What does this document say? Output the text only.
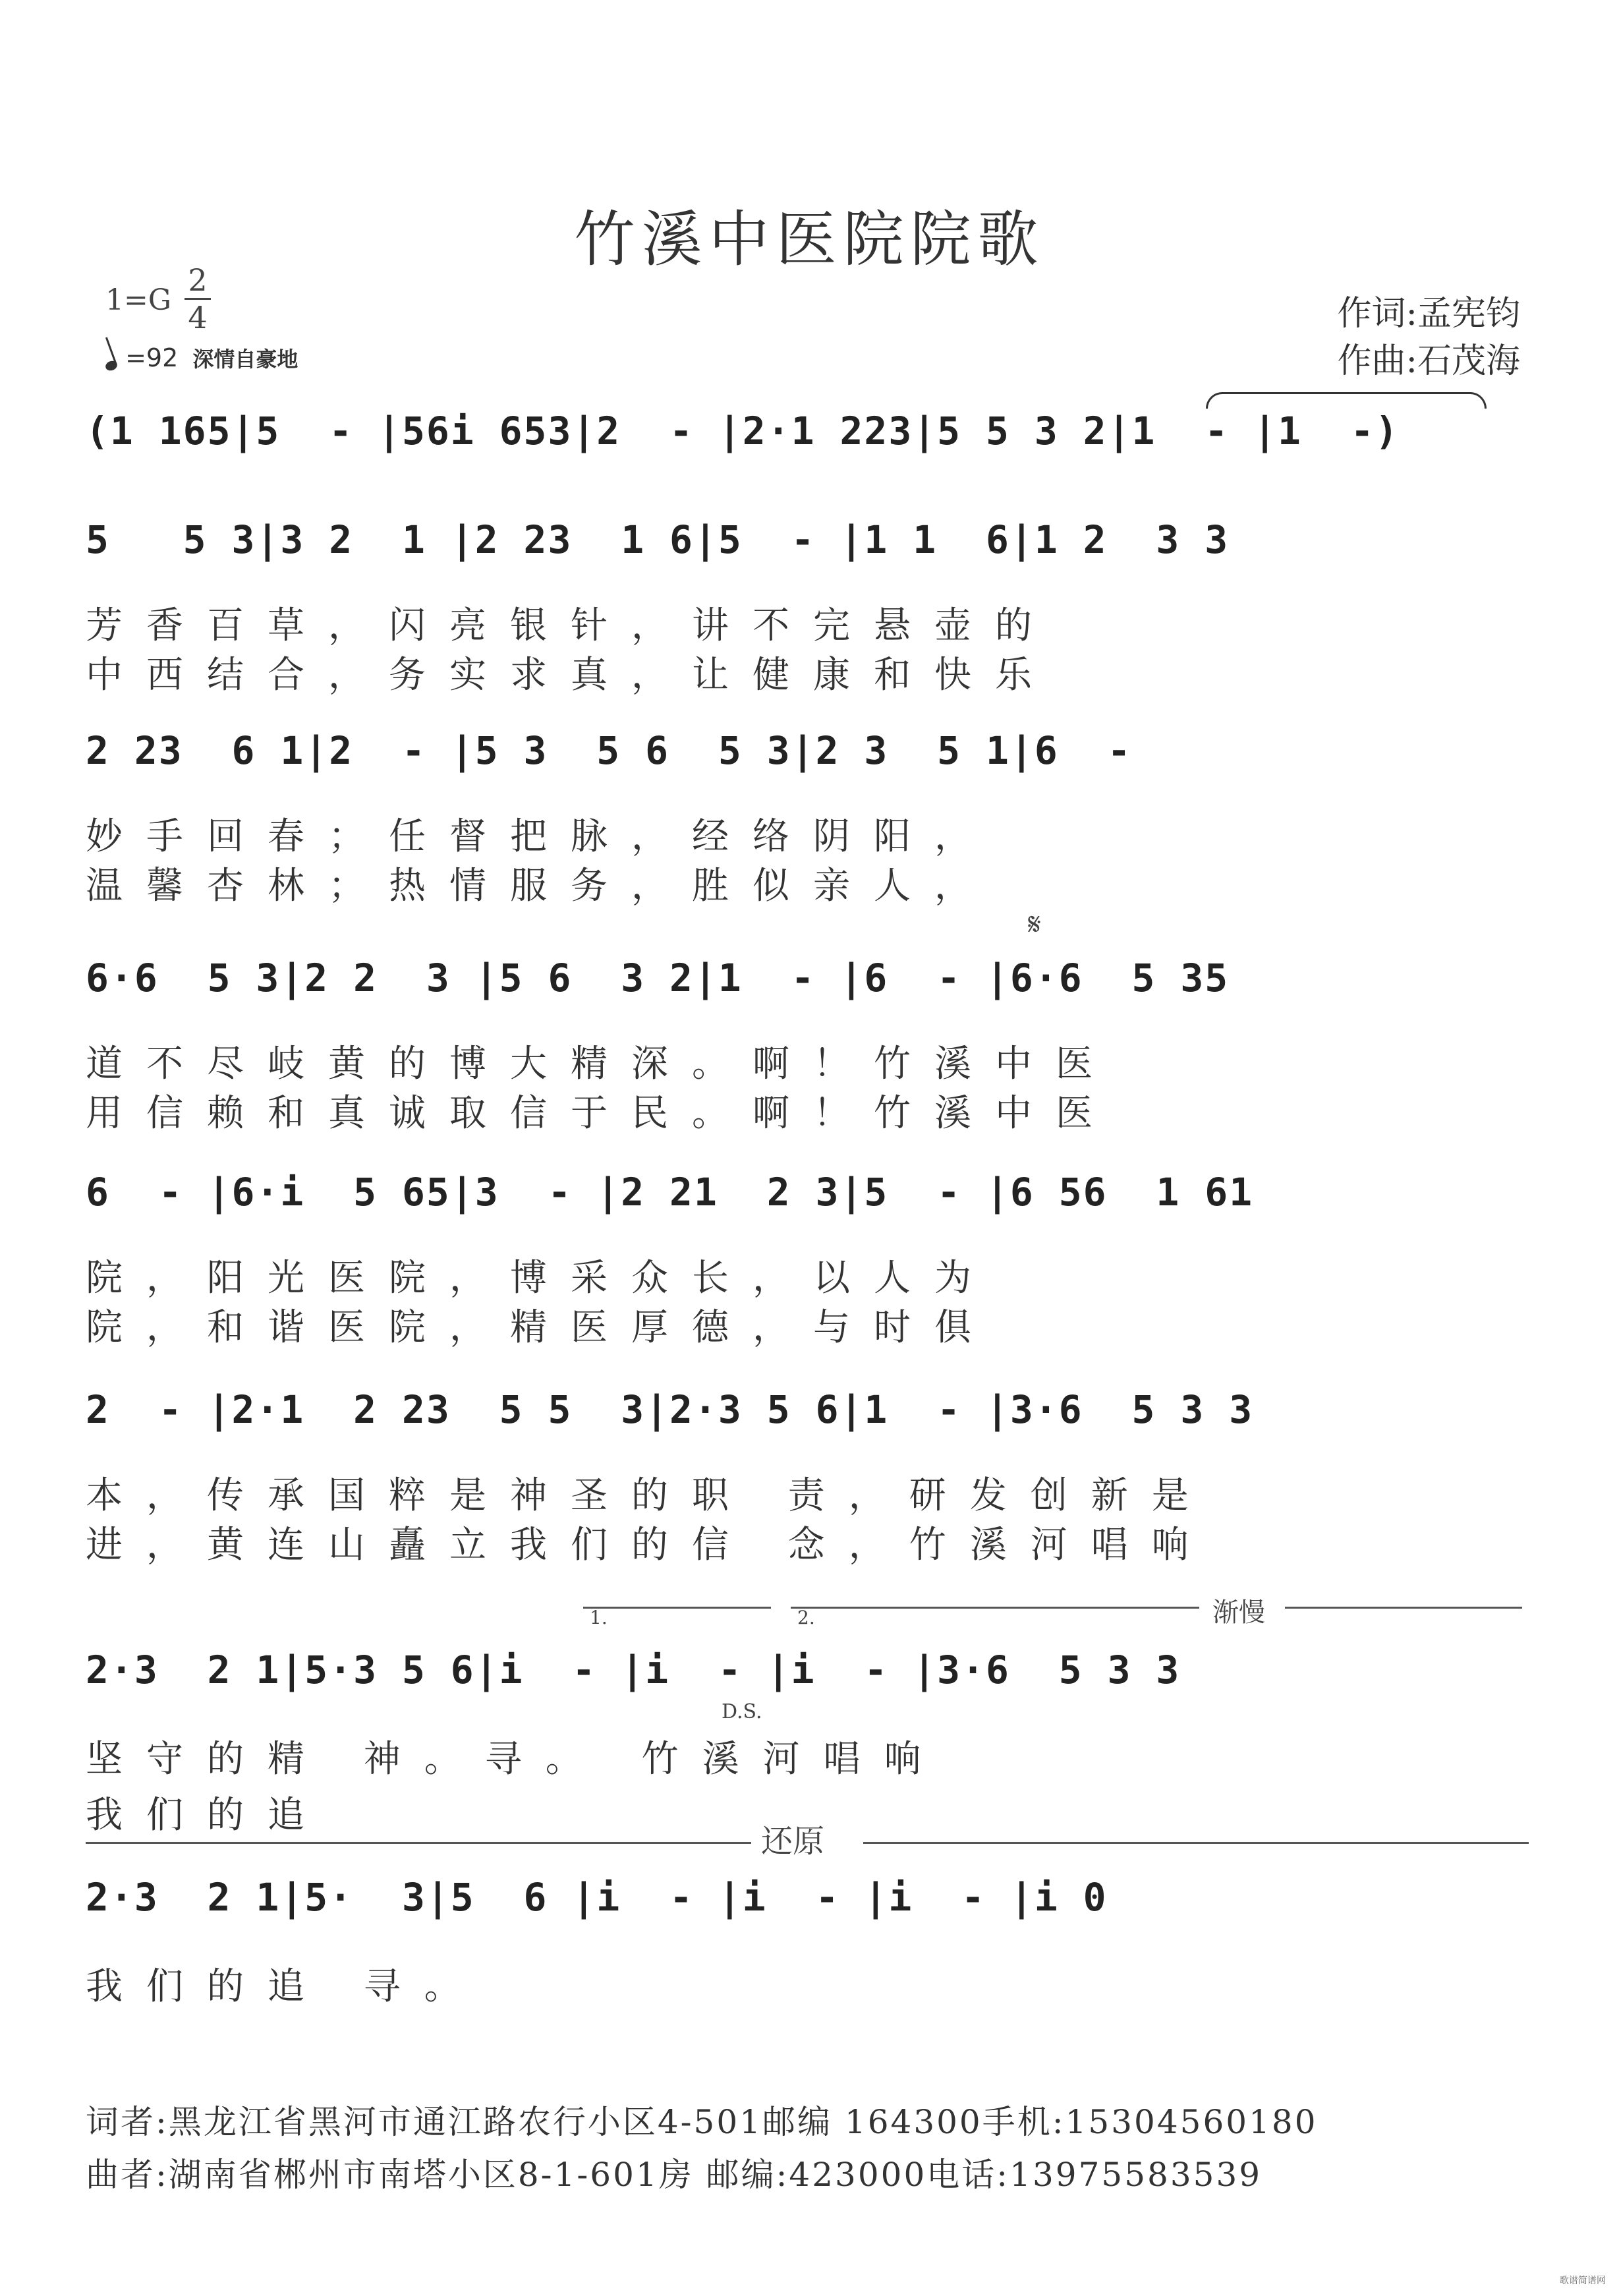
竹溪中医院院歌
1=G
2
4
=92 深情自豪地
作词:孟宪钧
作曲:石茂海
(1 165|5  - |56i 653|2  - |2·1 223|5 5 3 2|1  - |1  -)
5   5 3|3 2  1 |2 23  1 6|5  - |1 1  6|1 2  3 3
芳香百草，闪亮银针，讲不完悬壶的
中西结合，务实求真，让健康和快乐
2 23  6 1|2  - |5 3  5 6  5 3|2 3  5 1|6  -
妙手回春；任督把脉，经络阴阳，
温馨杏林；热情服务，胜似亲人，
𝄋
6·6  5 3|2 2  3 |5 6  3 2|1  - |6  - |6·6  5 35
道不尽岐黄的博大精深。啊！竹溪中医
用信赖和真诚取信于民。啊！竹溪中医
6  - |6·i  5 65|3  - |2 21  2 3|5  - |6 56  1 61
院，阳光医院，博采众长，以人为
院，和谐医院，精医厚德，与时俱
2  - |2·1  2 23  5 5  3|2·3 5 6|1  - |3·6  5 3 3
本，传承国粹是神圣的职 责，研发创新是
进，黄连山矗立我们的信 念，竹溪河唱响
1.	2.	渐慢
2·3  2 1|5·3 5 6|i  - |i  - |i  - |3·6  5 3 3
D.S.
坚守的精 神。寻。 竹溪河唱响
我们的追
还原
2·3  2 1|5·  3|5  6 |i  - |i  - |i  - |i 0
我们的追 寻。
词者:黑龙江省黑河市通江路农行小区4-501邮编 164300手机:15304560180
曲者:湖南省郴州市南塔小区8-1-601房 邮编:423000电话:13975583539
歌谱简谱网
